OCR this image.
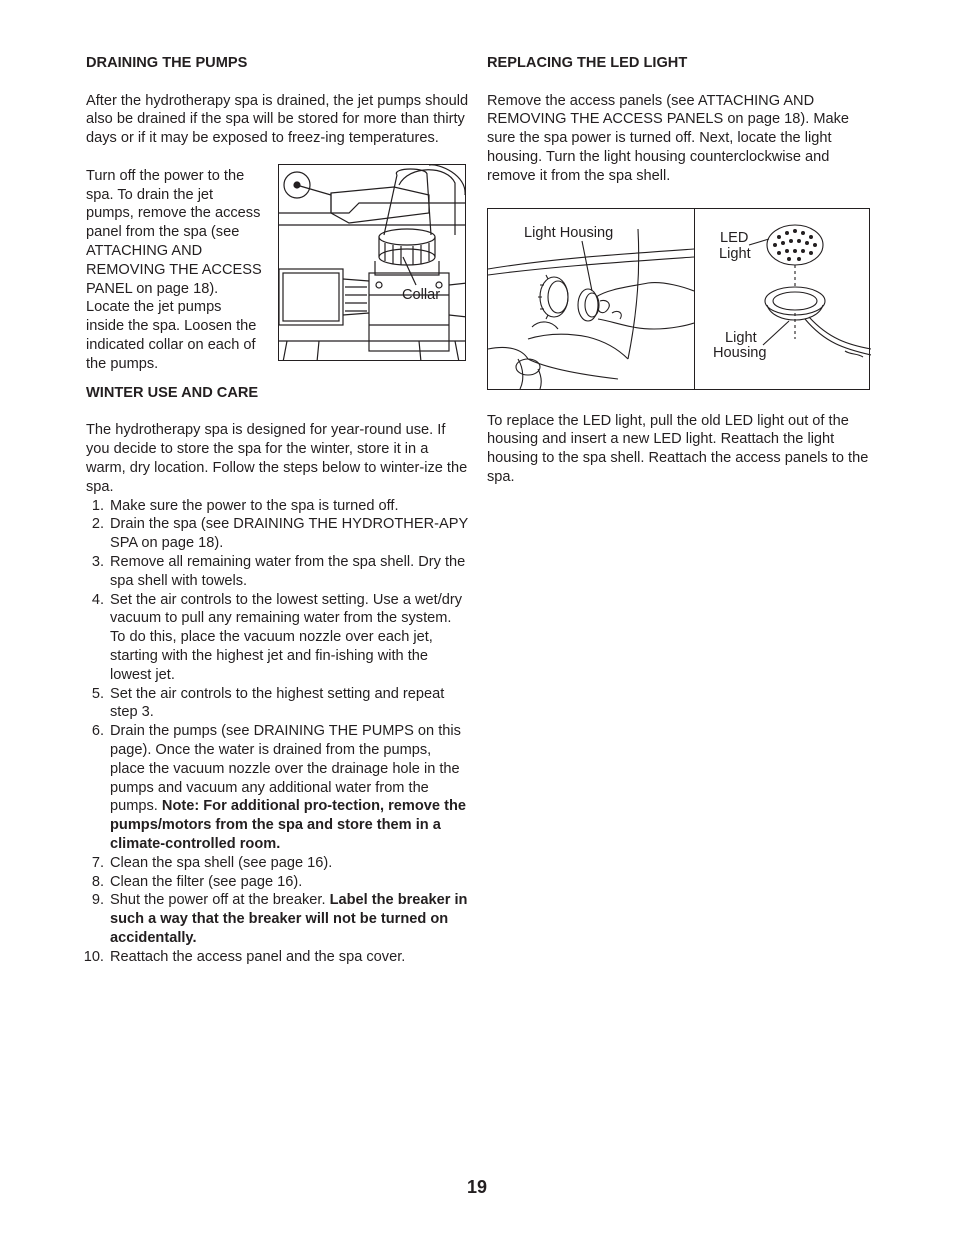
DRAINING THE PUMPS

After the hydrotherapy spa is drained, the jet pumps should also be drained if the spa will be stored for more than thirty days or if it may be exposed to freez-ing temperatures.

Turn off the power to the spa. To drain the jet pumps, remove the access panel from the spa (see ATTACHING AND REMOVING THE ACCESS PANEL on page 18). Locate the jet pumps inside the spa. Loosen the indicated collar on each of the pumps.

Collar
WINTER USE AND CARE

The hydrotherapy spa is designed for year-round use. If you decide to store the spa for the winter, store it in a warm, dry location. Follow the steps below to winter-ize the spa.

1. Make sure the power to the spa is turned off.
2. Drain the spa (see DRAINING THE HYDROTHER-APY SPA on page 18).
3. Remove all remaining water from the spa shell. Dry the spa shell with towels.
4. Set the air controls to the lowest setting. Use a wet/dry vacuum to pull any remaining water from the system. To do this, place the vacuum nozzle over each jet, starting with the highest jet and fin-ishing with the lowest jet.
5. Set the air controls to the highest setting and repeat step 3.
6. Drain the pumps (see DRAINING THE PUMPS on this page). Once the water is drained from the pumps, place the vacuum nozzle over the drainage hole in the pumps and vacuum any additional water from the pumps. Note: For additional pro-tection, remove the pumps/motors from the spa and store them in a climate-controlled room.
7. Clean the spa shell (see page 16).
8. Clean the filter (see page 16).
9. Shut the power off at the breaker. Label the breaker in such a way that the breaker will not be turned on accidentally.
10. Reattach the access panel and the spa cover.
REPLACING THE LED LIGHT

Remove the access panels (see ATTACHING AND REMOVING THE ACCESS PANELS on page 18). Make sure the spa power is turned off. Next, locate the light housing. Turn the light housing counterclockwise and remove it from the spa shell.

Light Housing	LED
Light
Light
Housing

To replace the LED light, pull the old LED light out of the housing and insert a new LED light. Reattach the light housing to the spa shell. Reattach the access panels to the spa.

19
